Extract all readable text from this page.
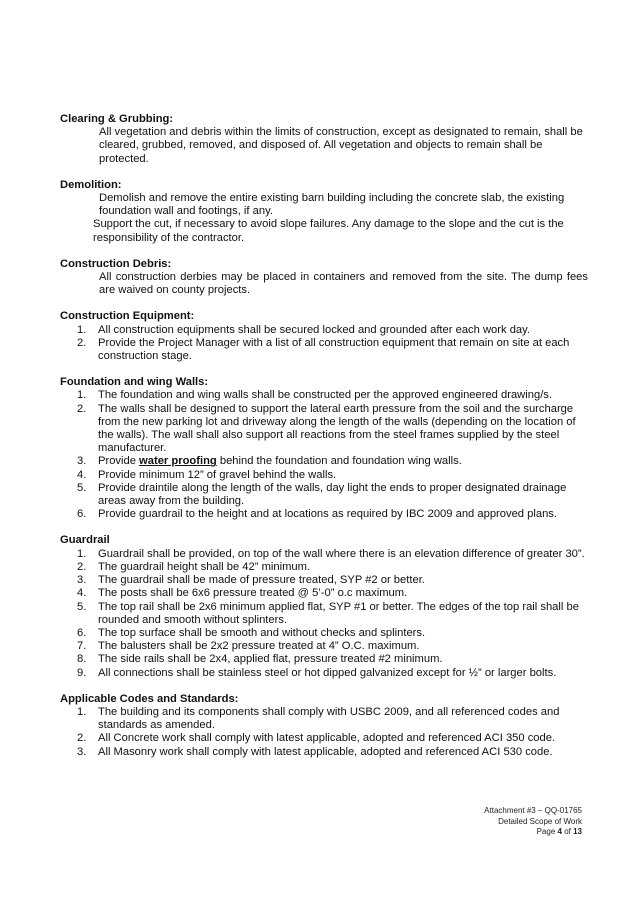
Clearing & Grubbing:

All vegetation and debris within the limits of construction, except as designated to remain, shall be cleared, grubbed, removed, and disposed of. All vegetation and objects to remain shall be protected.

Demolition:

Demolish and remove the entire existing barn building including the concrete slab, the existing foundation wall and footings, if any.

Support the cut, if necessary to avoid slope failures. Any damage to the slope and the cut is the responsibility of the contractor.

Construction Debris:

All construction derbies may be placed in containers and removed from the site. The dump fees are waived on county projects.

Construction Equipment:

1. All construction equipments shall be secured locked and grounded after each work day.
2. Provide the Project Manager with a list of all construction equipment that remain on site at each construction stage.

Foundation and wing Walls:

1. The foundation and wing walls shall be constructed per the approved engineered drawing/s.
2. The walls shall be designed to support the lateral earth pressure from the soil and the surcharge from the new parking lot and driveway along the length of the walls (depending on the location of the walls). The wall shall also support all reactions from the steel frames supplied by the steel manufacturer.
3. Provide water proofing behind the foundation and foundation wing walls.
4. Provide minimum 12” of gravel behind the walls.
5. Provide draintile along the length of the walls, day light the ends to proper designated drainage areas away from the building.
6. Provide guardrail to the height and at locations as required by IBC 2009 and approved plans.

Guardrail

1. Guardrail shall be provided, on top of the wall where there is an elevation difference of greater 30”.
2. The guardrail height shall be 42” minimum.
3. The guardrail shall be made of pressure treated, SYP #2 or better.
4. The posts shall be 6x6 pressure treated @ 5’-0” o.c maximum.
5. The top rail shall be 2x6 minimum applied flat, SYP #1 or better. The edges of the top rail shall be rounded and smooth without splinters.
6. The top surface shall be smooth and without checks and splinters.
7. The balusters shall be 2x2 pressure treated at 4” O.C. maximum.
8. The side rails shall be 2x4, applied flat, pressure treated #2 minimum.
9. All connections shall be stainless steel or hot dipped galvanized except for ½” or larger bolts.

Applicable Codes and Standards:

1. The building and its components shall comply with USBC 2009, and all referenced codes and standards as amended.
2. All Concrete work shall comply with latest applicable, adopted and referenced ACI 350 code.
3. All Masonry work shall comply with latest applicable, adopted and referenced ACI 530 code.
Attachment #3 – QQ-01765
Detailed Scope of Work
Page 4 of 13
